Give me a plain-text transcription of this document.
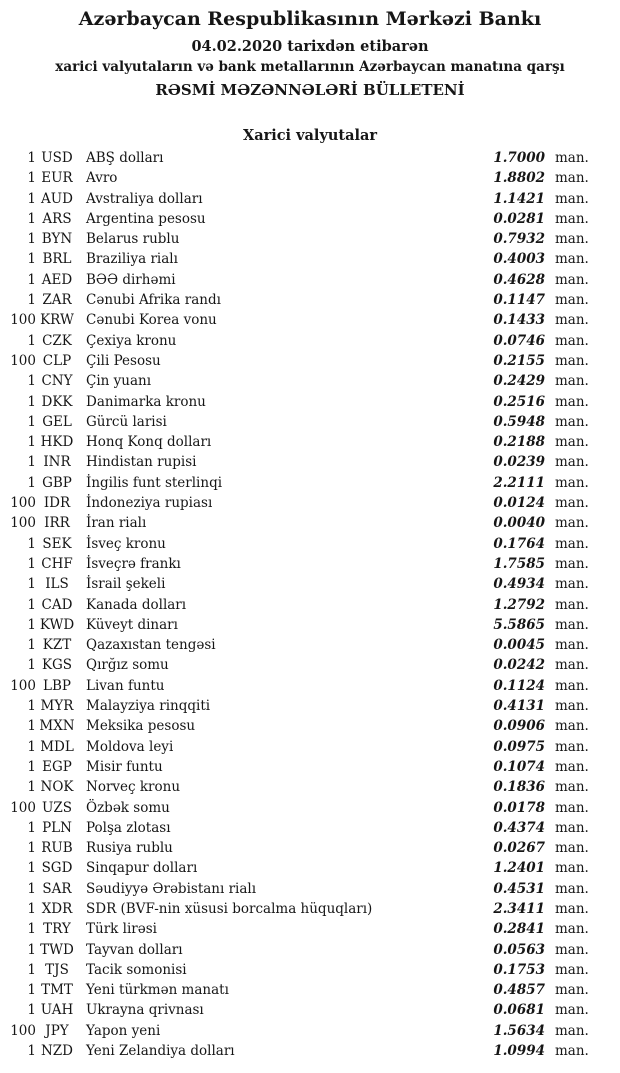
Azərbaycan Respublikasının Mərkəzi Bankı
04.02.2020 tarixdən etibarən
xarici valyutaların və bank metallarının Azərbaycan manatına qarşı
RƏSMİ MƏZƏNNƏLƏRİ BÜLLETENİ
Xarici valyutalar
1 USD ABŞ dolları	1.7000 man.
1 EUR Avro	1.8802 man.
1 AUD Avstraliya dolları	1.1421 man.
1 ARS	Argentina pesosu	0.0281 man.
1 BYN	Belarus rublu	0.7932 man.
1 BRL	Braziliya rialı	0.4003 man.
1 AED	BƏƏ dirhəmi	0.4628 man.
1 ZAR	Cənubi Afrika randı	0.1147 man.
100 KRW Cənubi Korea vonu	0.1433 man.
1 CZK	Çexiya kronu	0.0746 man.
100 CLP	Çili Pesosu	0.2155 man.
1 CNY Çin yuanı	0.2429 man.
1 DKK	Danimarka kronu	0.2516 man.
1 GEL	Gürcü larisi	0.5948 man.
1 HKD Honq Konq dolları	0.2188 man.
1 INR	Hindistan rupisi	0.0239 man.
1 GBP	İngilis funt sterlinqi	2.2111 man.
100 IDR	İndoneziya rupiası	0.0124 man.
100 IRR	İran rialı	0.0040 man.
1 SEK	İsveç kronu	0.1764 man.
1 CHF İsveçrə frankı	1.7585 man.
1 ILS	İsrail şekeli	0.4934 man.
1 CAD	Kanada dolları	1.2792 man.
1 KWD Küveyt dinarı	5.5865 man.
1 KZT	Qazaxıstan tengəsi	0.0045 man.
1 KGS	Qırğız somu	0.0242 man.
100 LBP	Livan funtu	0.1124 man.
1 MYR Malayziya rinqqiti	0.4131 man.
1 MXN Meksika pesosu	0.0906 man.
1 MDL Moldova leyi	0.0975 man.
1 EGP	Misir funtu	0.1074 man.
1 NOK Norveç kronu	0.1836 man.
100 UZS	Özbək somu	0.0178 man.
1 PLN	Polşa zlotası	0.4374 man.
1 RUB Rusiya rublu	0.0267 man.
1 SGD	Sinqapur dolları	1.2401 man.
1 SAR	Səudiyyə Ərəbistanı rialı	0.4531 man.
1 XDR	SDR (BVF-nin xüsusi borcalma hüquqları)	2.3411 man.
1 TRY	Türk lirəsi	0.2841 man.
1 TWD Tayvan dolları	0.0563 man.
1 TJS	Tacik somonisi	0.1753 man.
1 TMT Yeni türkmən manatı	0.4857 man.
1 UAH Ukrayna qrivnası	0.0681 man.
100 JPY	Yapon yeni	1.5634 man.
1 NZD Yeni Zelandiya dolları	1.0994 man.
